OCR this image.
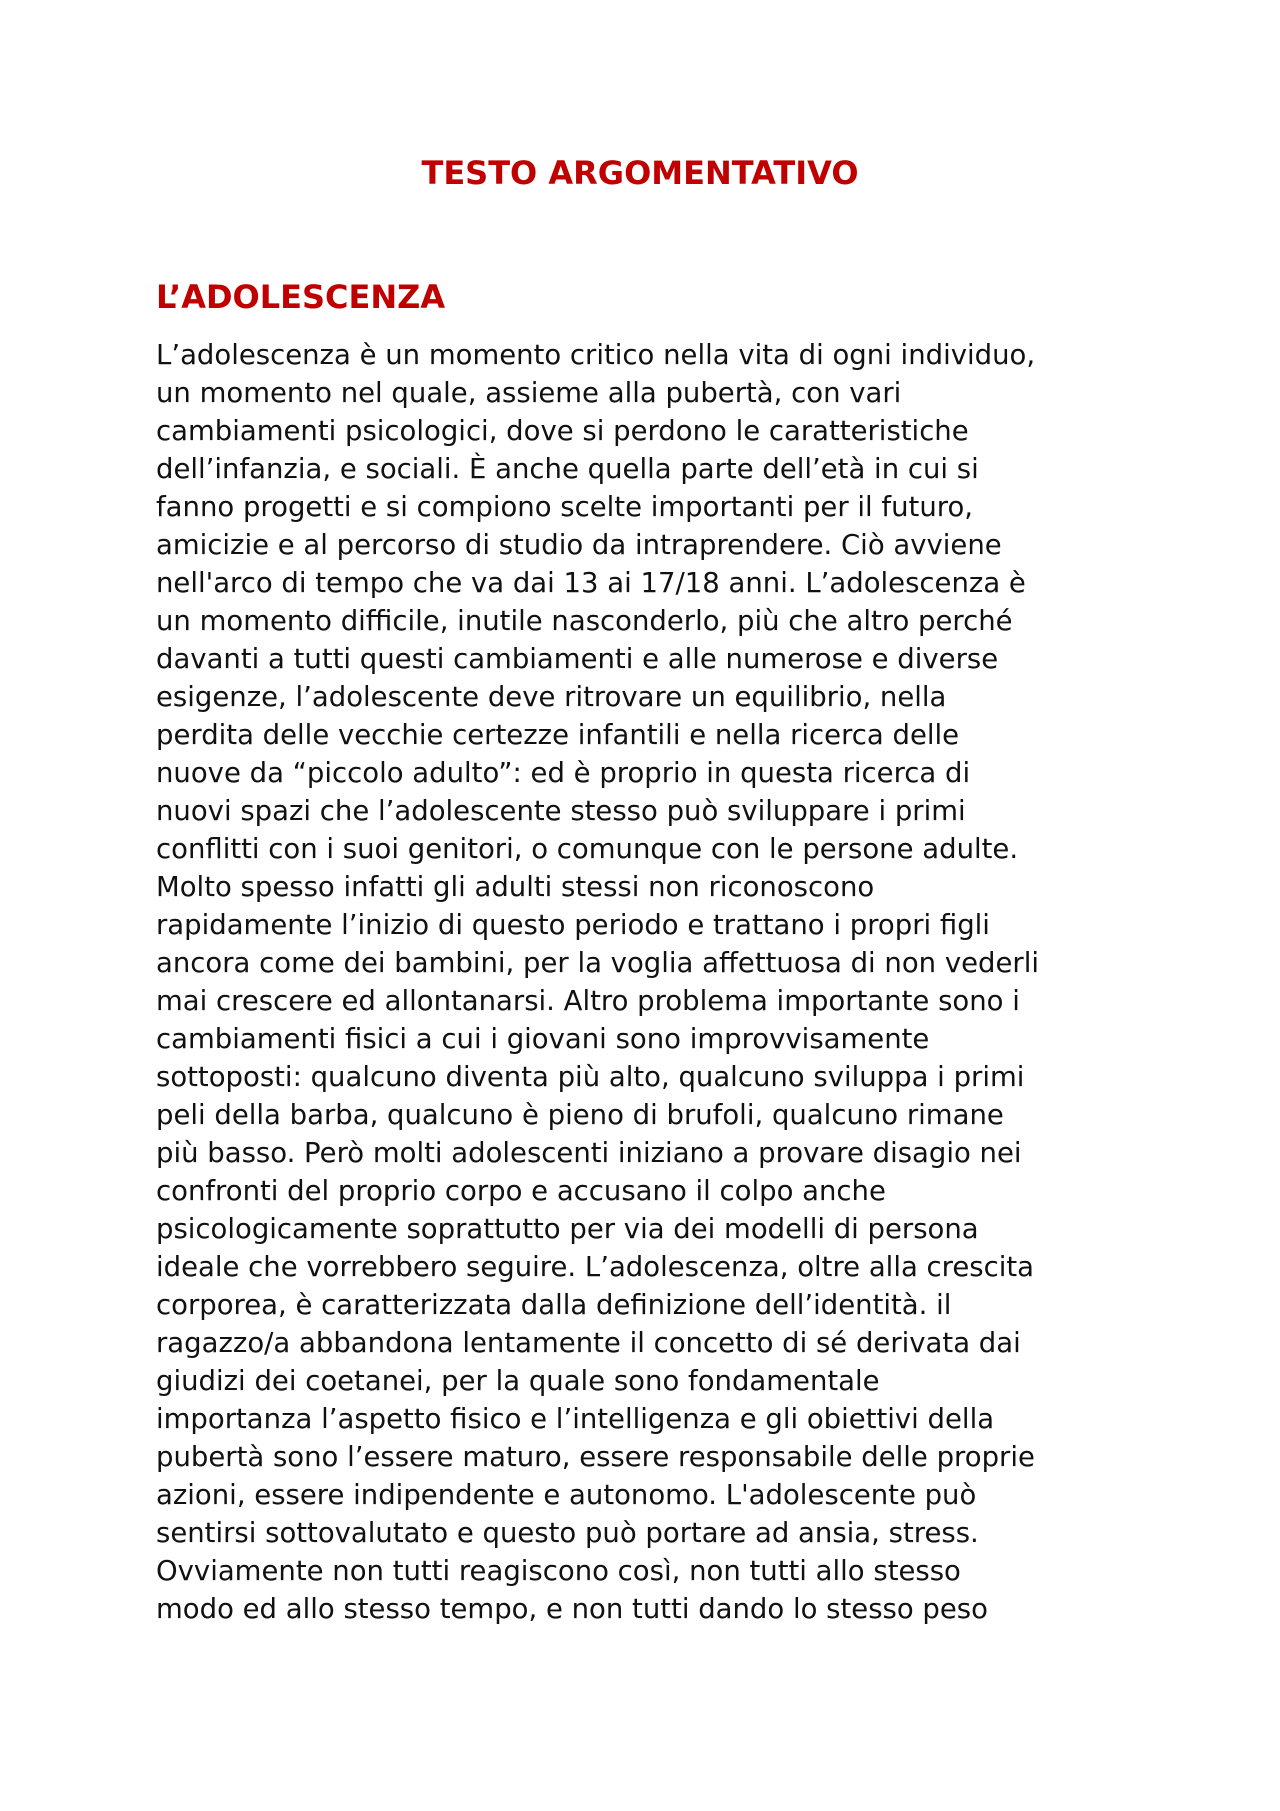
TESTO ARGOMENTATIVO
L’ADOLESCENZA
L’adolescenza è un momento critico nella vita di ogni individuo,
un momento nel quale, assieme alla pubertà, con vari
cambiamenti psicologici, dove si perdono le caratteristiche
dell’infanzia, e sociali. È anche quella parte dell’età in cui si
fanno progetti e si compiono scelte importanti per il futuro,
amicizie e al percorso di studio da intraprendere. Ciò avviene
nell'arco di tempo che va dai 13 ai 17/18 anni. L’adolescenza è
un momento difficile, inutile nasconderlo, più che altro perché
davanti a tutti questi cambiamenti e alle numerose e diverse
esigenze, l’adolescente deve ritrovare un equilibrio, nella
perdita delle vecchie certezze infantili e nella ricerca delle
nuove da “piccolo adulto”: ed è proprio in questa ricerca di
nuovi spazi che l’adolescente stesso può sviluppare i primi
conflitti con i suoi genitori, o comunque con le persone adulte.
Molto spesso infatti gli adulti stessi non riconoscono
rapidamente l’inizio di questo periodo e trattano i propri figli
ancora come dei bambini, per la voglia affettuosa di non vederli
mai crescere ed allontanarsi. Altro problema importante sono i
cambiamenti fisici a cui i giovani sono improvvisamente
sottoposti: qualcuno diventa più alto, qualcuno sviluppa i primi
peli della barba, qualcuno è pieno di brufoli, qualcuno rimane
più basso. Però molti adolescenti iniziano a provare disagio nei
confronti del proprio corpo e accusano il colpo anche
psicologicamente soprattutto per via dei modelli di persona
ideale che vorrebbero seguire. L’adolescenza, oltre alla crescita
corporea, è caratterizzata dalla definizione dell’identità. il
ragazzo/a abbandona lentamente il concetto di sé derivata dai
giudizi dei coetanei, per la quale sono fondamentale
importanza l’aspetto fisico e l’intelligenza e gli obiettivi della
pubertà sono l’essere maturo, essere responsabile delle proprie
azioni, essere indipendente e autonomo. L'adolescente può
sentirsi sottovalutato e questo può portare ad ansia, stress.
Ovviamente non tutti reagiscono così, non tutti allo stesso
modo ed allo stesso tempo, e non tutti dando lo stesso peso
